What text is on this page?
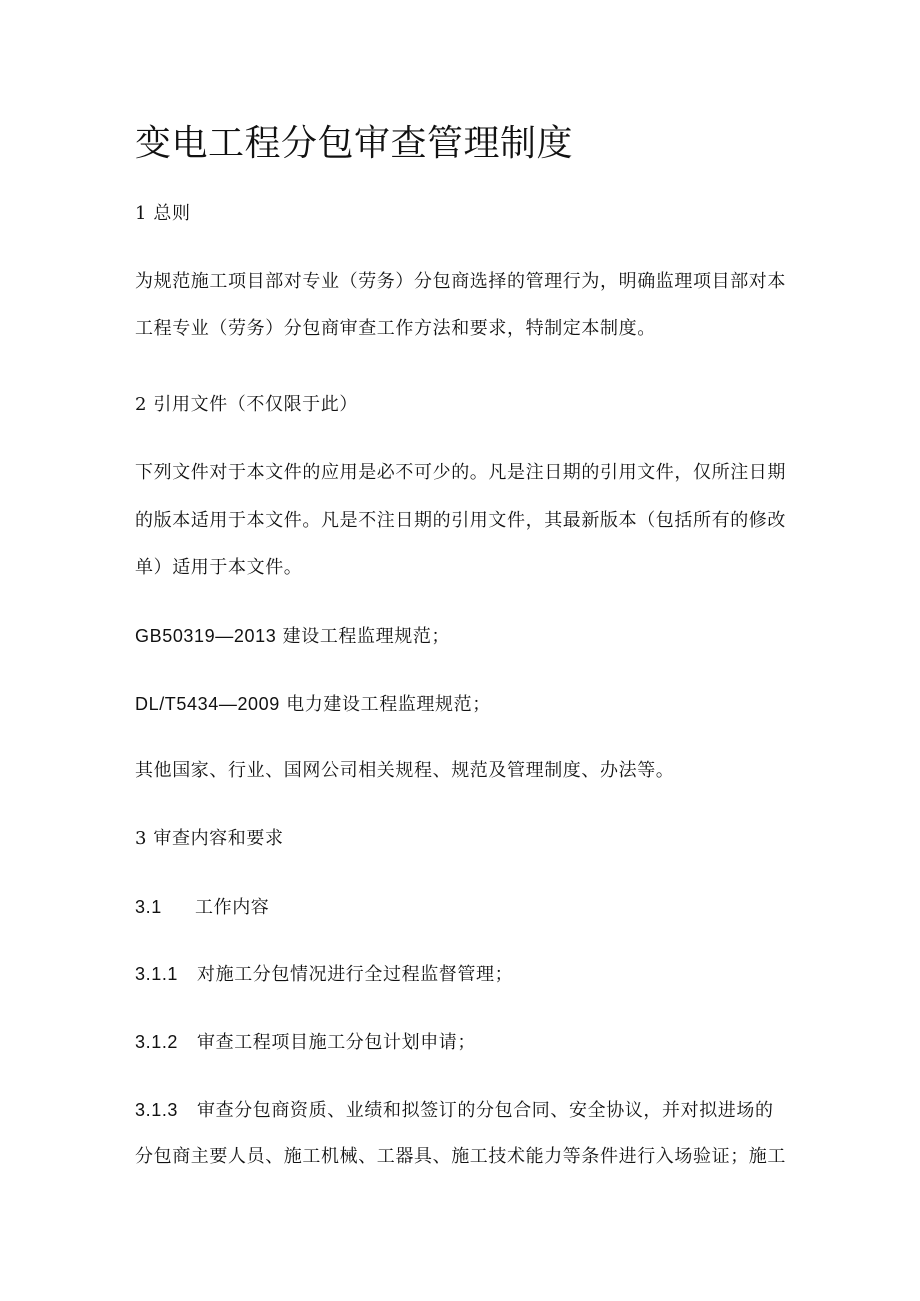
变电工程分包审查管理制度

1 总则

为规范施工项目部对专业（劳务）分包商选择的管理行为，明确监理项目部对本

工程专业（劳务）分包商审查工作方法和要求，特制定本制度。

2 引用文件（不仅限于此）

下列文件对于本文件的应用是必不可少的。凡是注日期的引用文件，仅所注日期

的版本适用于本文件。凡是不注日期的引用文件，其最新版本（包括所有的修改

单）适用于本文件。

GB50319—2013 建设工程监理规范；

DL/T5434—2009 电力建设工程监理规范；

其他国家、行业、国网公司相关规程、规范及管理制度、办法等。

3 审查内容和要求

3.1 工作内容

3.1.1 对施工分包情况进行全过程监督管理；

3.1.2 审查工程项目施工分包计划申请；

3.1.3 审查分包商资质、业绩和拟签订的分包合同、安全协议，并对拟进场的

分包商主要人员、施工机械、工器具、施工技术能力等条件进行入场验证；施工
